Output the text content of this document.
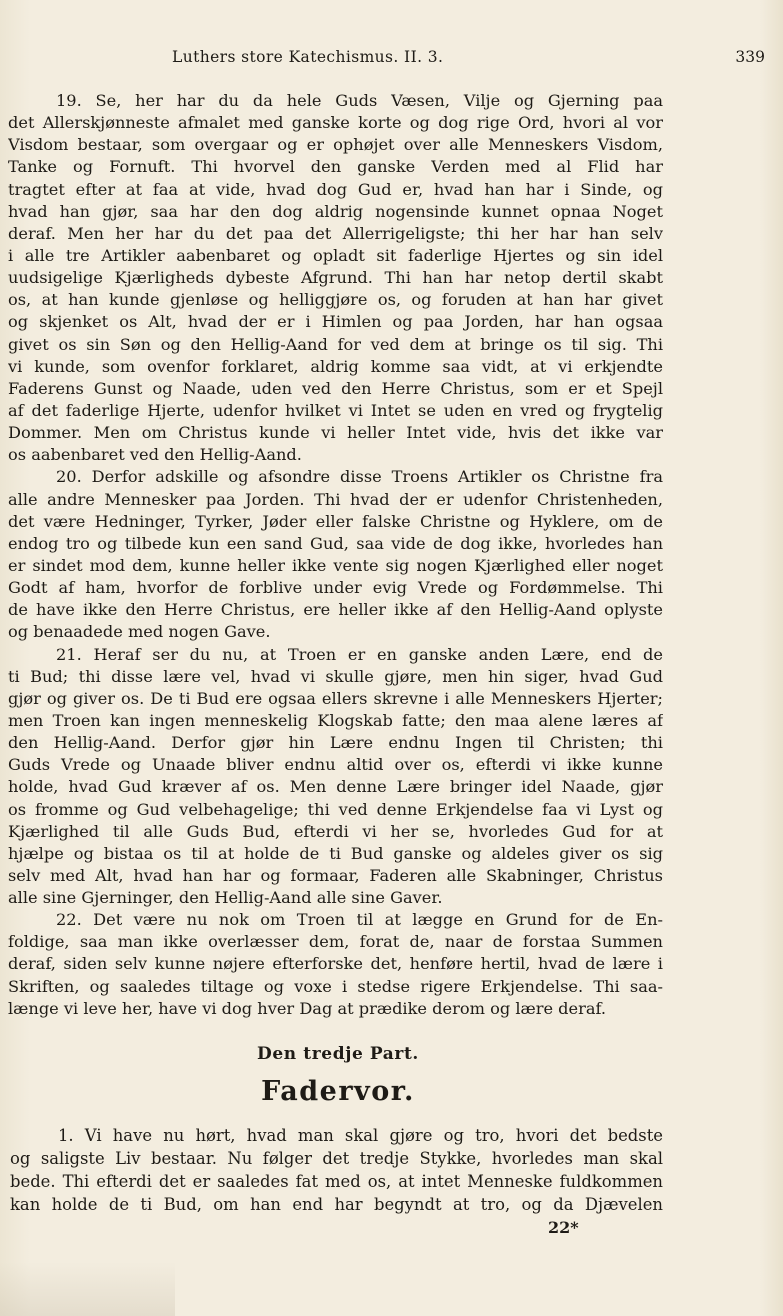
Luthers store Katechismus. II. 3.	339
19. Se, her har du da hele Guds Væsen, Vilje og Gjerning paa
det Allerskjønneste afmalet med ganske korte og dog rige Ord, hvori al vor
Visdom bestaar, som overgaar og er ophøjet over alle Menneskers Visdom,
Tanke og Fornuft. Thi hvorvel den ganske Verden med al Flid har
tragtet efter at faa at vide, hvad dog Gud er, hvad han har i Sinde, og
hvad han gjør, saa har den dog aldrig nogensinde kunnet opnaa Noget
deraf. Men her har du det paa det Allerrigeligste; thi her har han selv
i alle tre Artikler aabenbaret og opladt sit faderlige Hjertes og sin idel
uudsigelige Kjærligheds dybeste Afgrund. Thi han har netop dertil skabt
os, at han kunde gjenløse og helliggjøre os, og foruden at han har givet
og skjenket os Alt, hvad der er i Himlen og paa Jorden, har han ogsaa
givet os sin Søn og den Hellig-Aand for ved dem at bringe os til sig. Thi
vi kunde, som ovenfor forklaret, aldrig komme saa vidt, at vi erkjendte
Faderens Gunst og Naade, uden ved den Herre Christus, som er et Spejl
af det faderlige Hjerte, udenfor hvilket vi Intet se uden en vred og frygtelig
Dommer. Men om Christus kunde vi heller Intet vide, hvis det ikke var
os aabenbaret ved den Hellig-Aand.
20. Derfor adskille og afsondre disse Troens Artikler os Christne fra
alle andre Mennesker paa Jorden. Thi hvad der er udenfor Christenheden,
det være Hedninger, Tyrker, Jøder eller falske Christne og Hyklere, om de
endog tro og tilbede kun een sand Gud, saa vide de dog ikke, hvorledes han
er sindet mod dem, kunne heller ikke vente sig nogen Kjærlighed eller noget
Godt af ham, hvorfor de forblive under evig Vrede og Fordømmelse. Thi
de have ikke den Herre Christus, ere heller ikke af den Hellig-Aand oplyste
og benaadede med nogen Gave.
21. Heraf ser du nu, at Troen er en ganske anden Lære, end de
ti Bud; thi disse lære vel, hvad vi skulle gjøre, men hin siger, hvad Gud
gjør og giver os. De ti Bud ere ogsaa ellers skrevne i alle Menneskers Hjerter;
men Troen kan ingen menneskelig Klogskab fatte; den maa alene læres af
den Hellig-Aand. Derfor gjør hin Lære endnu Ingen til Christen; thi
Guds Vrede og Unaade bliver endnu altid over os, efterdi vi ikke kunne
holde, hvad Gud kræver af os. Men denne Lære bringer idel Naade, gjør
os fromme og Gud velbehagelige; thi ved denne Erkjendelse faa vi Lyst og
Kjærlighed til alle Guds Bud, efterdi vi her se, hvorledes Gud for at
hjælpe og bistaa os til at holde de ti Bud ganske og aldeles giver os sig
selv med Alt, hvad han har og formaar, Faderen alle Skabninger, Christus
alle sine Gjerninger, den Hellig-Aand alle sine Gaver.
22. Det være nu nok om Troen til at lægge en Grund for de En-
foldige, saa man ikke overlæsser dem, forat de, naar de forstaa Summen
deraf, siden selv kunne nøjere efterforske det, henføre hertil, hvad de lære i
Skriften, og saaledes tiltage og voxe i stedse rigere Erkjendelse. Thi saa-
længe vi leve her, have vi dog hver Dag at prædike derom og lære deraf.
Den tredje Part.
Fadervor.
1. Vi have nu hørt, hvad man skal gjøre og tro, hvori det bedste
og saligste Liv bestaar. Nu følger det tredje Stykke, hvorledes man skal
bede. Thi efterdi det er saaledes fat med os, at intet Menneske fuldkommen
kan holde de ti Bud, om han end har begyndt at tro, og da Djævelen
22*
